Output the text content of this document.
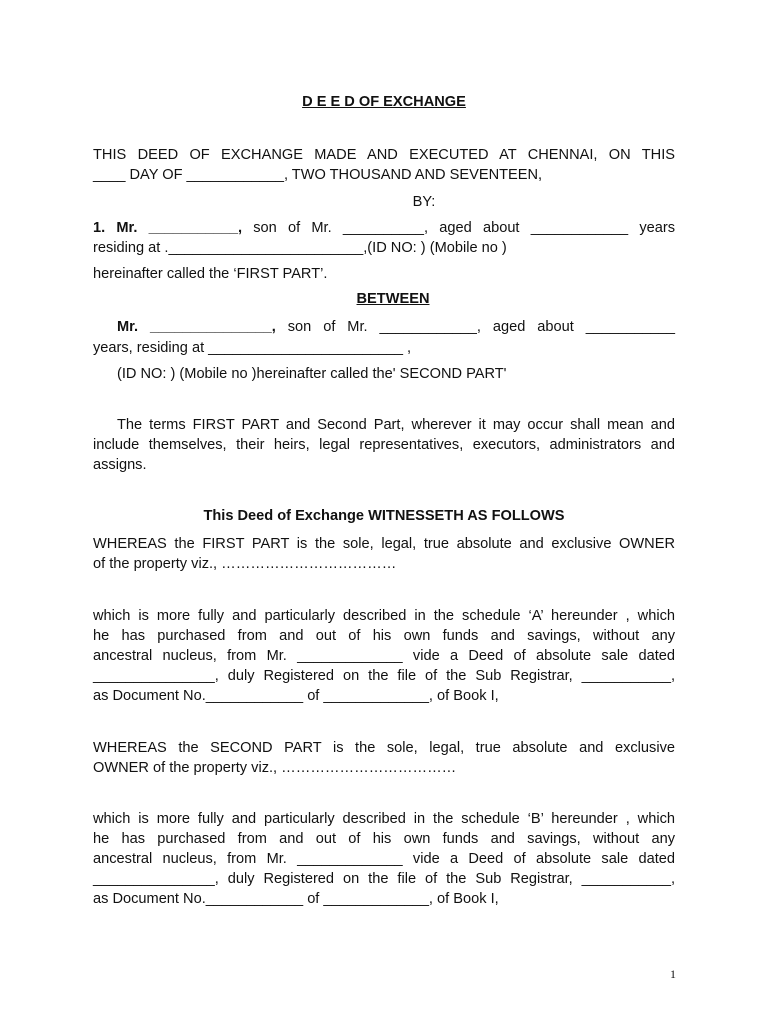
D E E D OF EXCHANGE
THIS DEED OF EXCHANGE MADE AND EXECUTED AT CHENNAI, ON THIS
____ DAY OF ____________, TWO THOUSAND AND SEVENTEEN,
BY:
1. Mr. ___________, son of Mr. __________, aged about ____________ years
residing at .________________________,(ID NO: ) (Mobile no )
hereinafter called the ‘FIRST PART’.
BETWEEN
Mr. _______________, son of Mr. ____________, aged about ___________
years, residing at ________________________ ,
(ID NO: ) (Mobile no )hereinafter called the' SECOND PART'
The terms FIRST PART and Second Part, wherever it may occur shall mean and
include themselves, their heirs, legal representatives, executors, administrators and
assigns.
This Deed of Exchange WITNESSETH AS FOLLOWS
WHEREAS the FIRST PART is the sole, legal, true absolute and exclusive OWNER
of the property viz., ………………………………
which is more fully and particularly described in the schedule ‘A’ hereunder , which
he has purchased from and out of his own funds and savings, without any
ancestral nucleus, from Mr. _____________ vide a Deed of absolute sale dated
_______________, duly Registered on the file of the Sub Registrar, ___________,
as Document No.____________ of _____________, of Book I,
WHEREAS the SECOND PART is the sole, legal, true absolute and exclusive
OWNER of the property viz., ………………………………
which is more fully and particularly described in the schedule ‘B’ hereunder , which
he has purchased from and out of his own funds and savings, without any
ancestral nucleus, from Mr. _____________ vide a Deed of absolute sale dated
_______________, duly Registered on the file of the Sub Registrar, ___________,
as Document No.____________ of _____________, of Book I,
1
